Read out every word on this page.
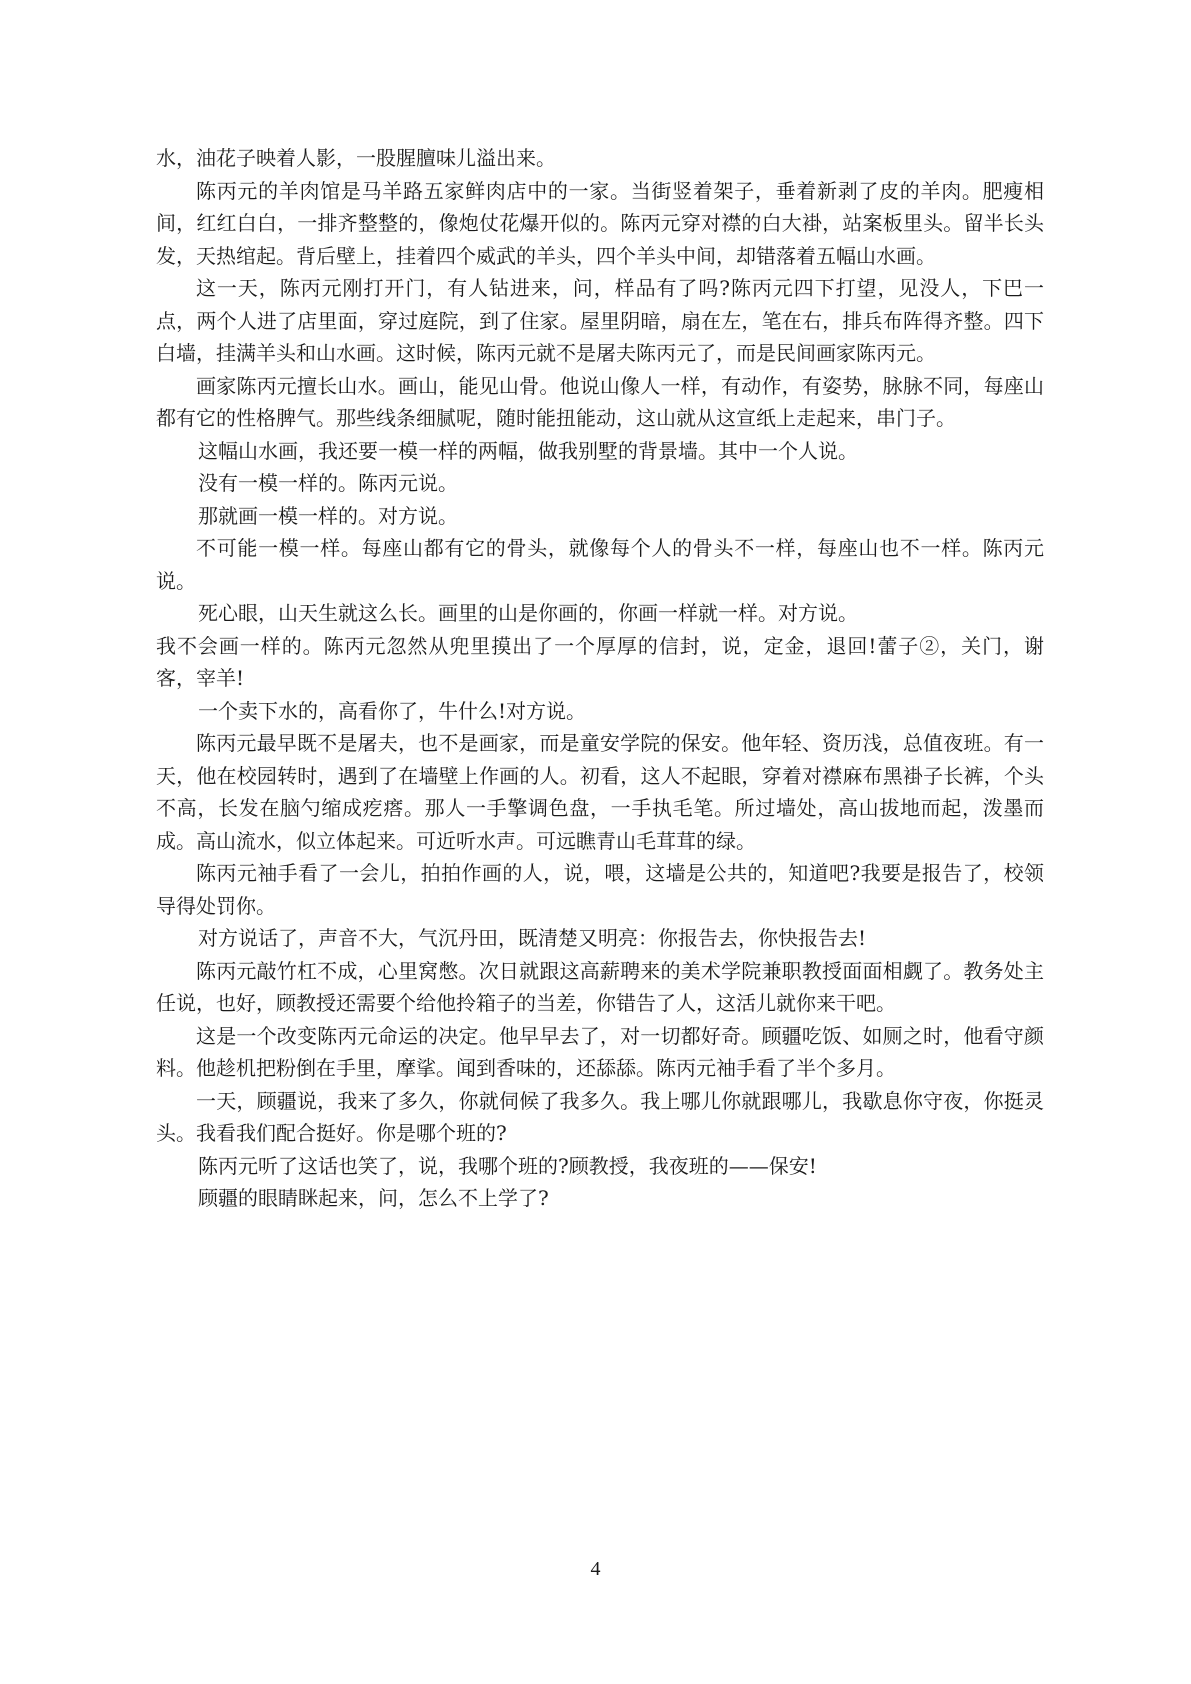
水，油花子映着人影，一股腥膻味儿溢出来。

陈丙元的羊肉馆是马羊路五家鲜肉店中的一家。当街竖着架子，垂着新剥了皮的羊肉。肥瘦相间，红红白白，一排齐整整的，像炮仗花爆开似的。陈丙元穿对襟的白大褂，站案板里头。留半长头发，天热绾起。背后壁上，挂着四个威武的羊头，四个羊头中间，却错落着五幅山水画。

这一天，陈丙元刚打开门，有人钻进来，问，样品有了吗?陈丙元四下打望，见没人，下巴一点，两个人进了店里面，穿过庭院，到了住家。屋里阴暗，扇在左，笔在右，排兵布阵得齐整。四下白墙，挂满羊头和山水画。这时候，陈丙元就不是屠夫陈丙元了，而是民间画家陈丙元。

画家陈丙元擅长山水。画山，能见山骨。他说山像人一样，有动作，有姿势，脉脉不同，每座山都有它的性格脾气。那些线条细腻呢，随时能扭能动，这山就从这宣纸上走起来，串门子。

这幅山水画，我还要一模一样的两幅，做我别墅的背景墙。其中一个人说。

没有一模一样的。陈丙元说。

那就画一模一样的。对方说。

不可能一模一样。每座山都有它的骨头，就像每个人的骨头不一样，每座山也不一样。陈丙元说。

死心眼，山天生就这么长。画里的山是你画的，你画一样就一样。对方说。

我不会画一样的。陈丙元忽然从兜里摸出了一个厚厚的信封，说，定金，退回!蕾子②，关门，谢客，宰羊!

一个卖下水的，高看你了，牛什么!对方说。

陈丙元最早既不是屠夫，也不是画家，而是童安学院的保安。他年轻、资历浅，总值夜班。有一天，他在校园转时，遇到了在墙壁上作画的人。初看，这人不起眼，穿着对襟麻布黑褂子长裤，个头不高，长发在脑勺缩成疙瘩。那人一手擎调色盘，一手执毛笔。所过墙处，高山拔地而起，泼墨而成。高山流水，似立体起来。可近听水声。可远瞧青山毛茸茸的绿。

陈丙元袖手看了一会儿，拍拍作画的人，说，喂，这墙是公共的，知道吧?我要是报告了，校领导得处罚你。

对方说话了，声音不大，气沉丹田，既清楚又明亮：你报告去，你快报告去!

陈丙元敲竹杠不成，心里窝憋。次日就跟这高薪聘来的美术学院兼职教授面面相觑了。教务处主任说，也好，顾教授还需要个给他拎箱子的当差，你错告了人，这活儿就你来干吧。

这是一个改变陈丙元命运的决定。他早早去了，对一切都好奇。顾疆吃饭、如厕之时，他看守颜料。他趁机把粉倒在手里，摩挲。闻到香味的，还舔舔。陈丙元袖手看了半个多月。

一天，顾疆说，我来了多久，你就伺候了我多久。我上哪儿你就跟哪儿，我歇息你守夜，你挺灵头。我看我们配合挺好。你是哪个班的?

陈丙元听了这话也笑了，说，我哪个班的?顾教授，我夜班的——保安!

顾疆的眼睛眯起来，问，怎么不上学了?

4
